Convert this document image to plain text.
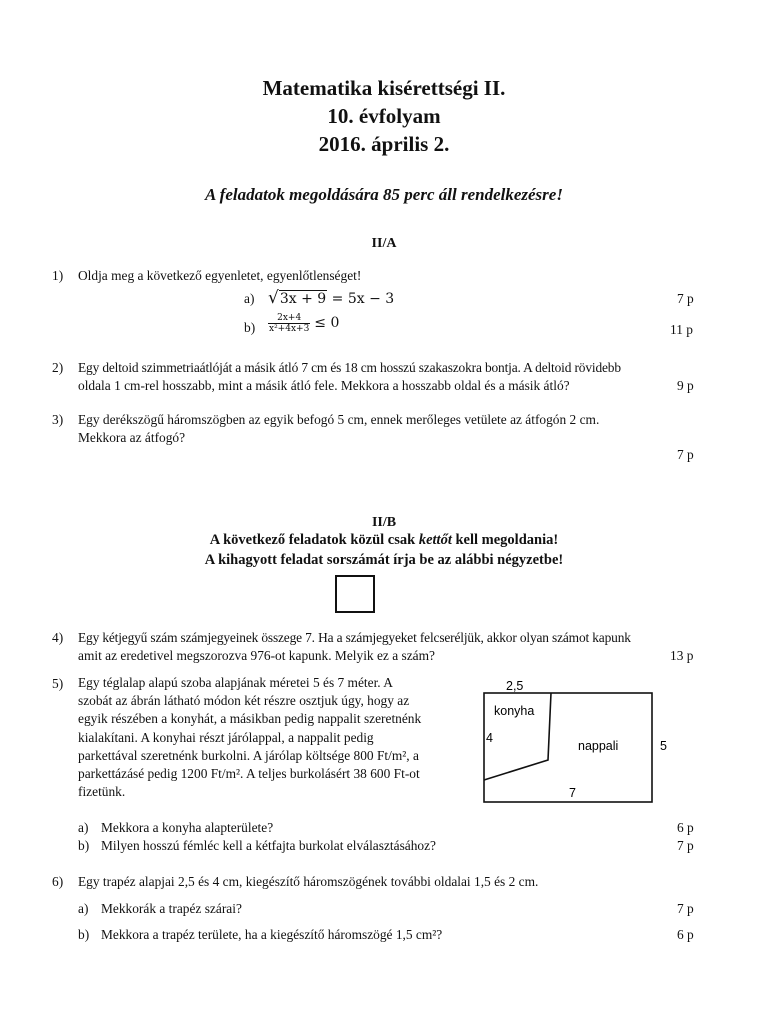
Matematika kisérettségi II.
10. évfolyam
2016. április 2.
A feladatok megoldására 85 perc áll rendelkezésre!
II/A
1) Oldja meg a következő egyenletet, egyenlőtlenséget!
a) √3x + 9 = 5x − 3	7 p
$b) \frac{2x+4}{\text{x²+4x+3}} \le 0$	11 p
2) Egy deltoid szimmetriaátlóját a másik átló 7 cm és 18 cm hosszú szakaszokra bontja. A deltoid rövidebb
oldala 1 cm-rel hosszabb, mint a másik átló fele. Mekkora a hosszabb oldal és a másik átló?	9 p
3) Egy derékszögű háromszögben az egyik befogó 5 cm, ennek merőleges vetülete az átfogón 2 cm.
Mekkora az átfogó?
7 p
II/B
A következő feladatok közül csak kettőt kell megoldania!
A kihagyott feladat sorszámát írja be az alábbi négyzetbe!
4) Egy kétjegyű szám számjegyeinek összege 7. Ha a számjegyeket felcseréljük, akkor olyan számot kapunk
amit az eredetivel megszorozva 976-ot kapunk. Melyik ez a szám?	13 p
5) Egy téglalap alapú szoba alapjának méretei 5 és 7 méter. A
szobát az ábrán látható módon két részre osztjuk úgy, hogy az
egyik részében a konyhát, a másikban pedig nappalit szeretnénk
kialakítani. A konyhai részt járólappal, a nappalit pedig
parkettával szeretnénk burkolni. A járólap költsége 800 Ft/m², a
parkettázásé pedig 1200 Ft/m². A teljes burkolásért 38 600 Ft-ot
fizetünk.
2,5
konyha
4
nappali	5
7
a) Mekkora a konyha alapterülete?	6 p
b) Milyen hosszú fémléc kell a kétfajta burkolat elválasztásához?	7 p
6) Egy trapéz alapjai 2,5 és 4 cm, kiegészítő háromszögének további oldalai 1,5 és 2 cm.
a) Mekkorák a trapéz szárai?	7 p
b) Mekkora a trapéz területe, ha a kiegészítő háromszögé 1,5 cm²?	6 p
